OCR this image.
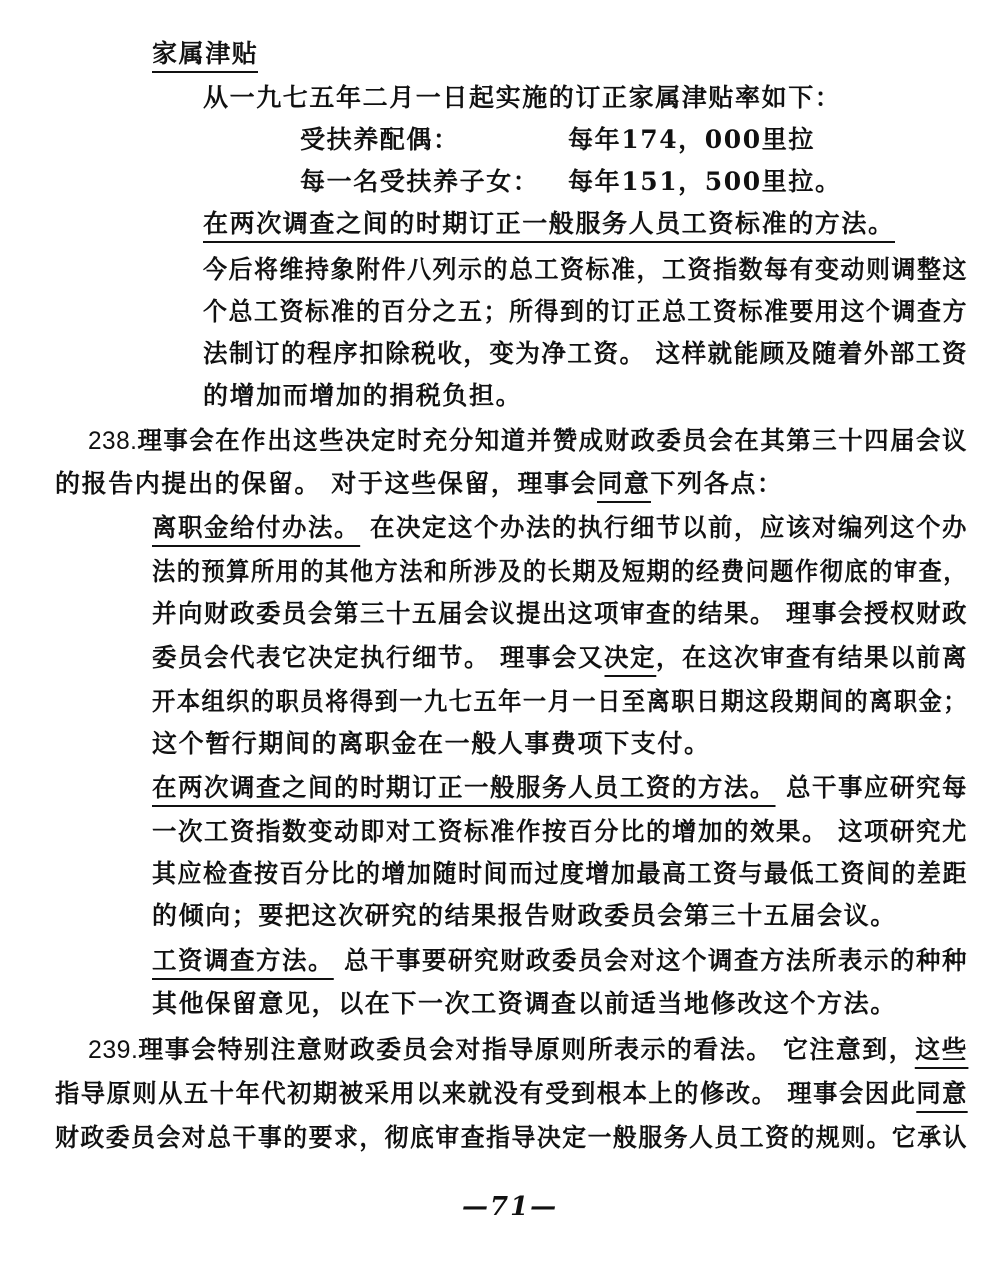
家属津贴
从一九七五年二月一日起实施的订正家属津贴率如下：
受扶养配偶：	每年174，000里拉
每一名受扶养子女： 每年151，500里拉。
在两次调查之间的时期订正一般服务人员工资标准的方法。
今后将维持象附件八列示的总工资标准，工资指数每有变动则调整这
个总工资标准的百分之五；所得到的订正总工资标准要用这个调查方
法制订的程序扣除税收，变为净工资。 这样就能顾及随着外部工资
的增加而增加的捐税负担。
238.理事会在作出这些决定时充分知道并赞成财政委员会在其第三十四届会议
的报告内提出的保留。 对于这些保留，理事会同意下列各点：
离职金给付办法。 在决定这个办法的执行细节以前，应该对编列这个办
法的预算所用的其他方法和所涉及的长期及短期的经费问题作彻底的审查，
并向财政委员会第三十五届会议提出这项审查的结果。 理事会授权财政
委员会代表它决定执行细节。 理事会又决定，在这次审查有结果以前离
开本组织的职员将得到一九七五年一月一日至离职日期这段期间的离职金；
这个暂行期间的离职金在一般人事费项下支付。
在两次调查之间的时期订正一般服务人员工资的方法。 总干事应研究每
一次工资指数变动即对工资标准作按百分比的增加的效果。 这项研究尤
其应检查按百分比的增加随时间而过度增加最高工资与最低工资间的差距
的倾向；要把这次研究的结果报告财政委员会第三十五届会议。
工资调查方法。 总干事要研究财政委员会对这个调查方法所表示的种种
其他保留意见，以在下一次工资调查以前适当地修改这个方法。
239.理事会特别注意财政委员会对指导原则所表示的看法。 它注意到，这些
指导原则从五十年代初期被采用以来就没有受到根本上的修改。 理事会因此同意
财政委员会对总干事的要求，彻底审查指导决定一般服务人员工资的规则。它承认
—71—
